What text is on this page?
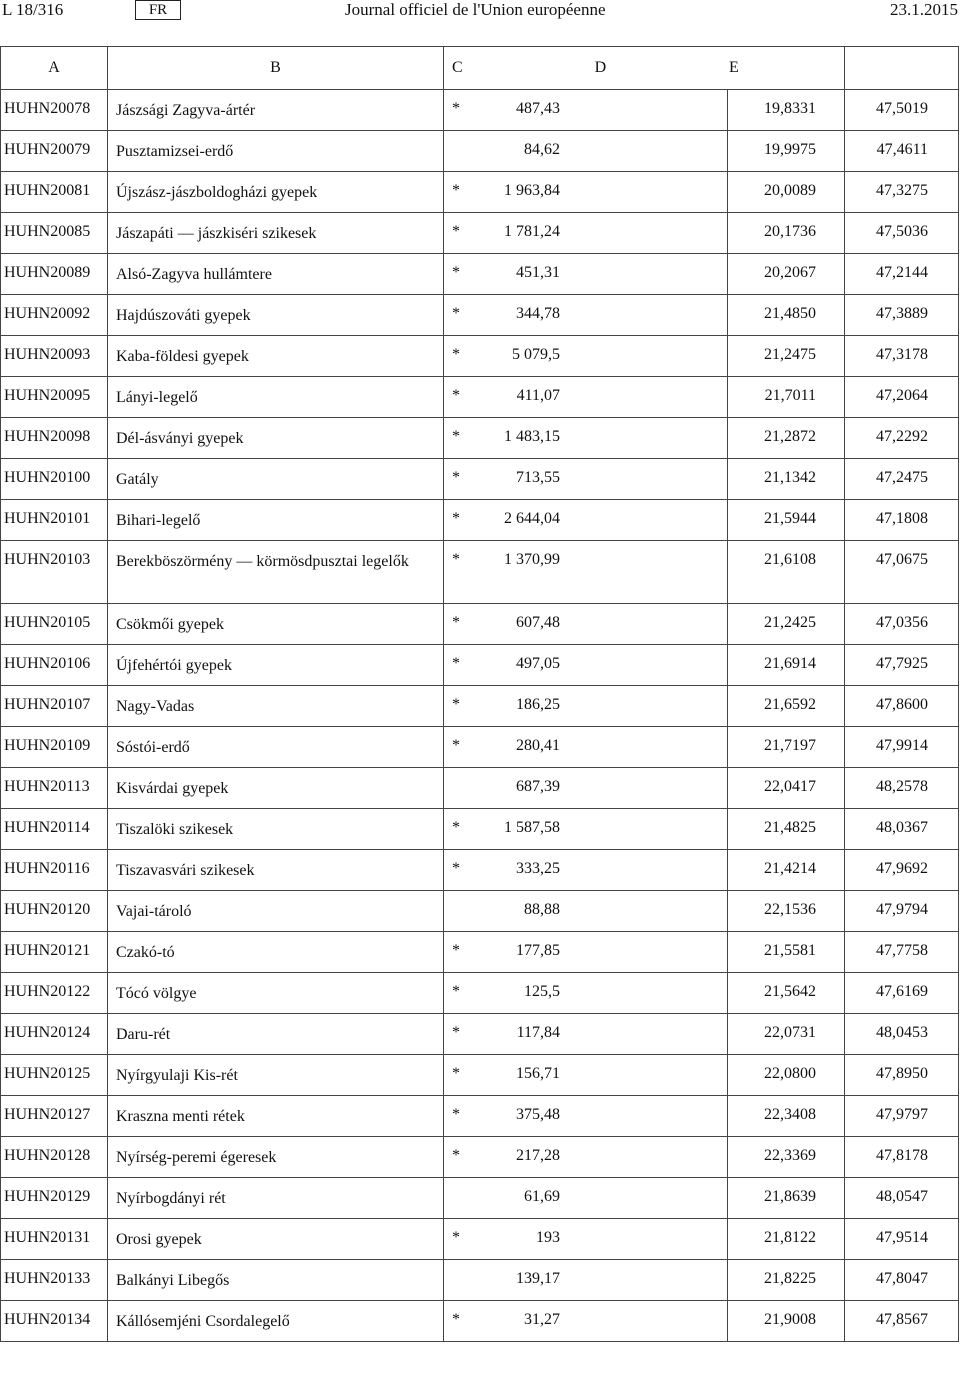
L 18/316	FR	Journal officiel de l'Union européenne	23.1.2015
A	B	C D		E
HUHN20078	Jászsági Zagyva-ártér	* 487,43	19,8331	47,5019
HUHN20079	Pusztamizsei-erdő	84,62	19,9975	47,4611
HUHN20081	Újszász-jászboldogházi gyepek	* 1 963,84	20,0089	47,3275
HUHN20085	Jászapáti — jászkiséri szikesek	* 1 781,24	20,1736	47,5036
HUHN20089	Alsó-Zagyva hullámtere	* 451,31	20,2067	47,2144
HUHN20092	Hajdúszováti gyepek	* 344,78	21,4850	47,3889
HUHN20093	Kaba-földesi gyepek	* 5 079,5	21,2475	47,3178
HUHN20095	Lányi-legelő	* 411,07	21,7011	47,2064
HUHN20098	Dél-ásványi gyepek	* 1 483,15	21,2872	47,2292
HUHN20100	Gatály	* 713,55	21,1342	47,2475
HUHN20101	Bihari-legelő	* 2 644,04	21,5944	47,1808
HUHN20103	Berekböszörmény — körmösdpusztai legelők	* 1 370,99	21,6108	47,0675
HUHN20105	Csökmői gyepek	* 607,48	21,2425	47,0356
HUHN20106	Újfehértói gyepek	* 497,05	21,6914	47,7925
HUHN20107	Nagy-Vadas	* 186,25	21,6592	47,8600
HUHN20109	Sóstói-erdő	* 280,41	21,7197	47,9914
HUHN20113	Kisvárdai gyepek	687,39	22,0417	48,2578
HUHN20114	Tiszalöki szikesek	* 1 587,58	21,4825	48,0367
HUHN20116	Tiszavasvári szikesek	* 333,25	21,4214	47,9692
HUHN20120	Vajai-tároló	88,88	22,1536	47,9794
HUHN20121	Czakó-tó	* 177,85	21,5581	47,7758
HUHN20122	Tócó völgye	* 125,5	21,5642	47,6169
HUHN20124	Daru-rét	* 117,84	22,0731	48,0453
HUHN20125	Nyírgyulaji Kis-rét	* 156,71	22,0800	47,8950
HUHN20127	Kraszna menti rétek	* 375,48	22,3408	47,9797
HUHN20128	Nyírség-peremi égeresek	* 217,28	22,3369	47,8178
HUHN20129	Nyírbogdányi rét	61,69	21,8639	48,0547
HUHN20131	Orosi gyepek	* 193	21,8122	47,9514
HUHN20133	Balkányi Libegős	139,17	21,8225	47,8047
HUHN20134	Kállósemjéni Csordalegelő	* 31,27	21,9008	47,8567
